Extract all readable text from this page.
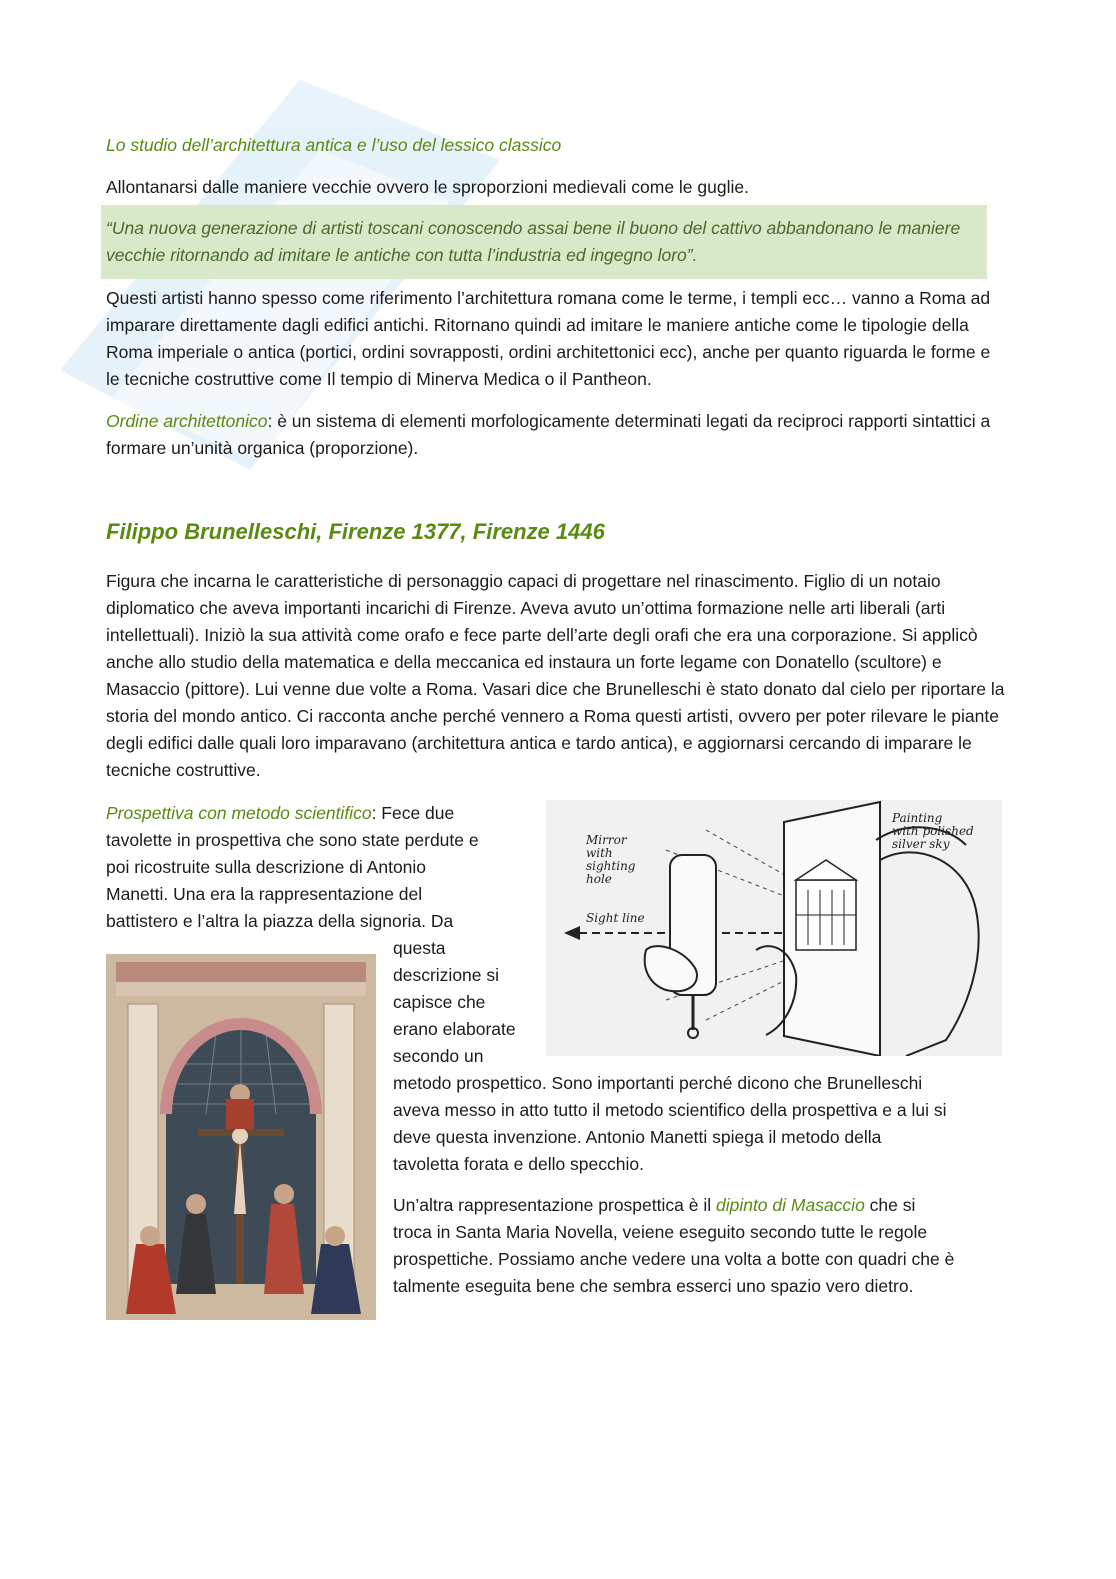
Lo studio dell’architettura antica e l’uso del lessico classico

Allontanarsi dalle maniere vecchie ovvero le sproporzioni medievali come le guglie.

“Una nuova generazione di artisti toscani conoscendo assai bene il buono del cattivo abbandonano le maniere vecchie ritornando ad imitare le antiche con tutta l’industria ed ingegno loro”.

Questi artisti hanno spesso come riferimento l’architettura romana come le terme, i templi ecc… vanno a Roma ad imparare direttamente dagli edifici antichi. Ritornano quindi ad imitare le maniere antiche come le tipologie della Roma imperiale o antica (portici, ordini sovrapposti, ordini architettonici ecc), anche per quanto riguarda le forme e le tecniche costruttive come Il tempio di Minerva Medica o il Pantheon.

Ordine architettonico: è un sistema di elementi morfologicamente determinati legati da reciproci rapporti sintattici a formare un’unità organica (proporzione).

Filippo Brunelleschi, Firenze 1377, Firenze 1446

Figura che incarna le caratteristiche di personaggio capaci di progettare nel rinascimento. Figlio di un notaio diplomatico che aveva importanti incarichi di Firenze. Aveva avuto un’ottima formazione nelle arti liberali (arti intellettuali). Iniziò la sua attività come orafo e fece parte dell’arte degli orafi che era una corporazione. Si applicò anche allo studio della matematica e della meccanica ed instaura un forte legame con Donatello (scultore) e Masaccio (pittore). Lui venne due volte a Roma. Vasari dice che Brunelleschi è stato donato dal cielo per riportare la storia del mondo antico. Ci racconta anche perché vennero a Roma questi artisti, ovvero per poter rilevare le piante degli edifici dalle quali loro imparavano (architettura antica e tardo antica), e aggiornarsi cercando di imparare le tecniche costruttive.

Prospettiva con metodo scientifico: Fece due

tavolette in prospettiva che sono state perdute e

poi ricostruite sulla descrizione di Antonio

Manetti. Una era la rappresentazione del

battistero e l’altra la piazza della signoria. Da

questa

descrizione si

capisce che

erano elaborate

secondo un

metodo prospettico. Sono importanti perché dicono che Brunelleschi

aveva messo in atto tutto il metodo scientifico della prospettiva e a lui si

deve questa invenzione. Antonio Manetti spiega il metodo della

tavoletta forata e dello specchio.

Un’altra rappresentazione prospettica è il dipinto di Masaccio che si

troca in Santa Maria Novella, veiene eseguito secondo tutte le regole

prospettiche. Possiamo anche vedere una volta a botte con quadri che è

talmente eseguita bene che sembra esserci uno spazio vero dietro.

Mirror
with
sighting
hole
Painting
with polished
silver sky
Sight line
